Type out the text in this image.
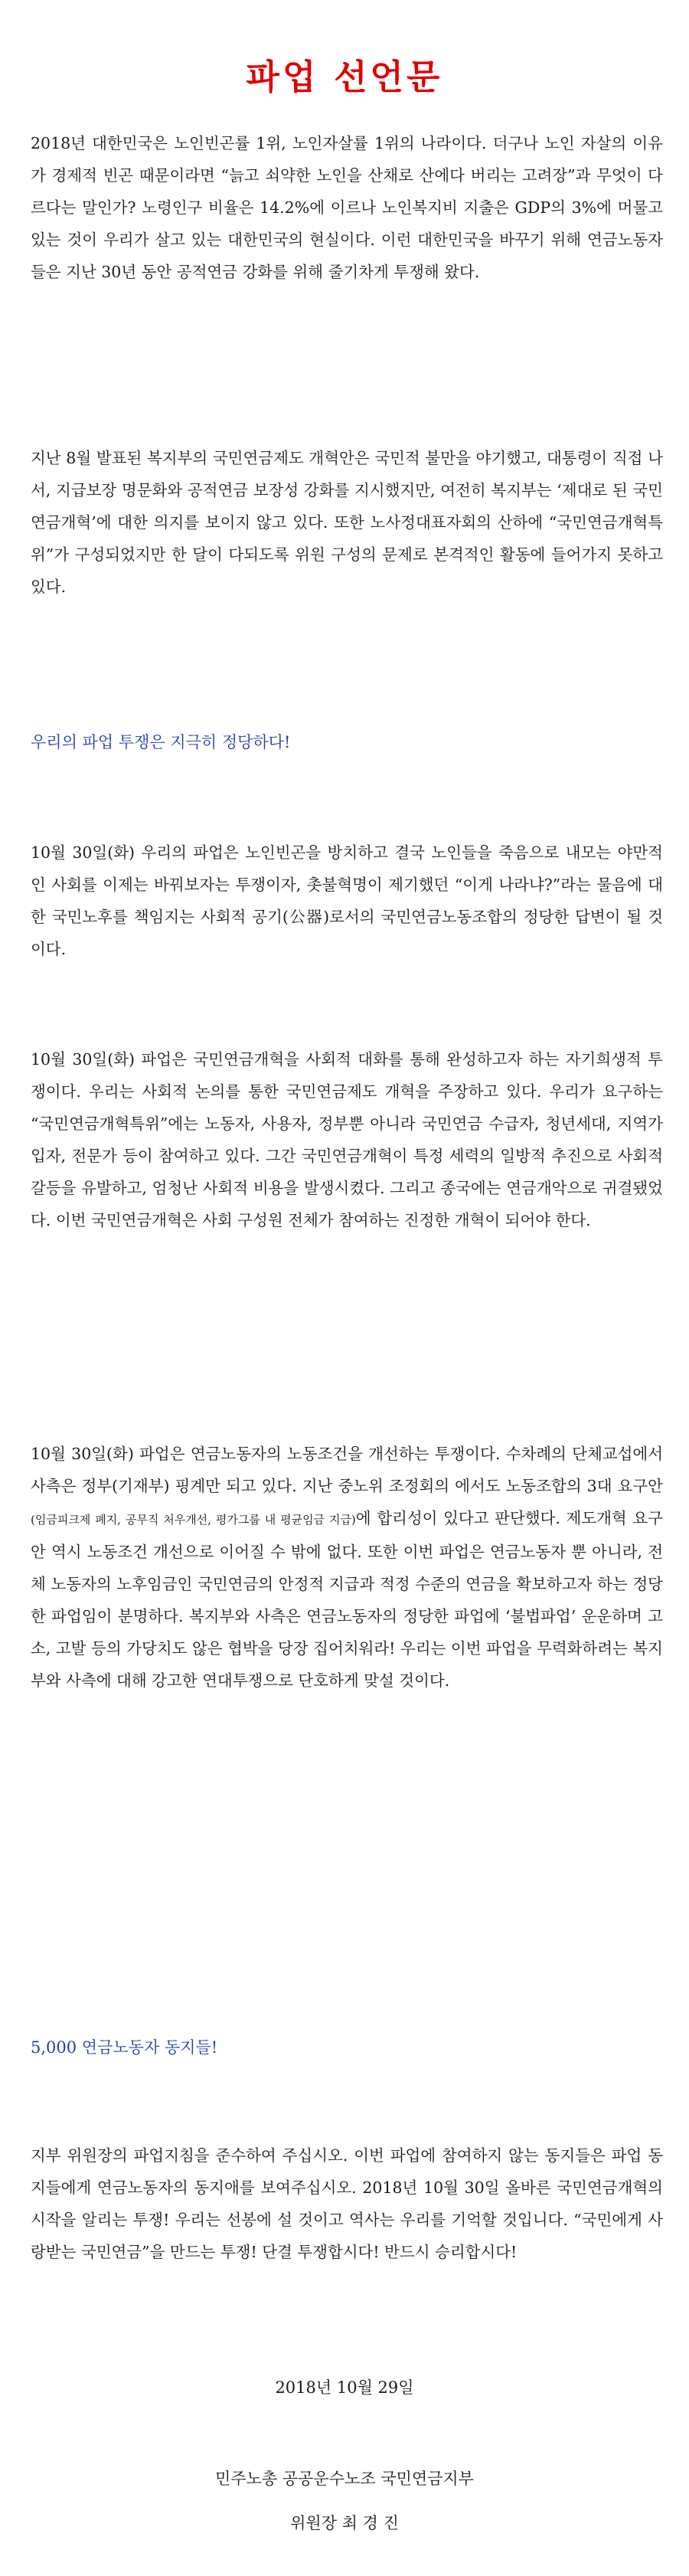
파업 선언문

2018년 대한민국은 노인빈곤률 1위, 노인자살률 1위의 나라이다. 더구나 노인 자살의 이유가 경제적 빈곤 때문이라면 “늙고 쇠약한 노인을 산채로 산에다 버리는 고려장”과 무엇이 다르다는 말인가? 노령인구 비율은 14.2%에 이르나 노인복지비 지출은 GDP의 3%에 머물고 있는 것이 우리가 살고 있는 대한민국의 현실이다. 이런 대한민국을 바꾸기 위해 연금노동자들은 지난 30년 동안 공적연금 강화를 위해 줄기차게 투쟁해 왔다.

지난 8월 발표된 복지부의 국민연금제도 개혁안은 국민적 불만을 야기했고, 대통령이 직접 나서, 지급보장 명문화와 공적연금 보장성 강화를 지시했지만, 여전히 복지부는 ‘제대로 된 국민연금개혁’에 대한 의지를 보이지 않고 있다. 또한 노사정대표자회의 산하에 “국민연금개혁특위”가 구성되었지만 한 달이 다되도록 위원 구성의 문제로 본격적인 활동에 들어가지 못하고 있다.

우리의 파업 투쟁은 지극히 정당하다!

10월 30일(화) 우리의 파업은 노인빈곤을 방치하고 결국 노인들을 죽음으로 내모는 야만적인 사회를 이제는 바꿔보자는 투쟁이자, 촛불혁명이 제기했던 “이게 나라냐?”라는 물음에 대한 국민노후를 책임지는 사회적 공기(公器)로서의 국민연금노동조합의 정당한 답변이 될 것이다.

10월 30일(화) 파업은 국민연금개혁을 사회적 대화를 통해 완성하고자 하는 자기희생적 투쟁이다. 우리는 사회적 논의를 통한 국민연금제도 개혁을 주장하고 있다. 우리가 요구하는 “국민연금개혁특위”에는 노동자, 사용자, 정부뿐 아니라 국민연금 수급자, 청년세대, 지역가입자, 전문가 등이 참여하고 있다. 그간 국민연금개혁이 특정 세력의 일방적 추진으로 사회적 갈등을 유발하고, 엄청난 사회적 비용을 발생시켰다. 그리고 종국에는 연금개악으로 귀결됐었다. 이번 국민연금개혁은 사회 구성원 전체가 참여하는 진정한 개혁이 되어야 한다.

10월 30일(화) 파업은 연금노동자의 노동조건을 개선하는 투쟁이다. 수차례의 단체교섭에서 사측은 정부(기재부) 핑계만 되고 있다. 지난 중노위 조정회의 에서도 노동조합의 3대 요구안(임금피크제 폐지, 공무직 처우개선, 평가그룹 내 평균임금 지급)에 합리성이 있다고 판단했다. 제도개혁 요구안 역시 노동조건 개선으로 이어질 수 밖에 없다. 또한 이번 파업은 연금노동자 뿐 아니라, 전체 노동자의 노후임금인 국민연금의 안정적 지급과 적정 수준의 연금을 확보하고자 하는 정당한 파업임이 분명하다. 복지부와 사측은 연금노동자의 정당한 파업에 ‘불법파업’ 운운하며 고소, 고발 등의 가당치도 않은 협박을 당장 집어치워라! 우리는 이번 파업을 무력화하려는 복지부와 사측에 대해 강고한 연대투쟁으로 단호하게 맞설 것이다.

5,000 연금노동자 동지들!

지부 위원장의 파업지침을 준수하여 주십시오. 이번 파업에 참여하지 않는 동지들은 파업 동지들에게 연금노동자의 동지애를 보여주십시오. 2018년 10월 30일 올바른 국민연금개혁의 시작을 알리는 투쟁! 우리는 선봉에 설 것이고 역사는 우리를 기억할 것입니다. “국민에게 사랑받는 국민연금”을 만드는 투쟁! 단결 투쟁합시다! 반드시 승리합시다!

2018년 10월 29일

민주노총 공공운수노조 국민연금지부

위원장 최 경 진
